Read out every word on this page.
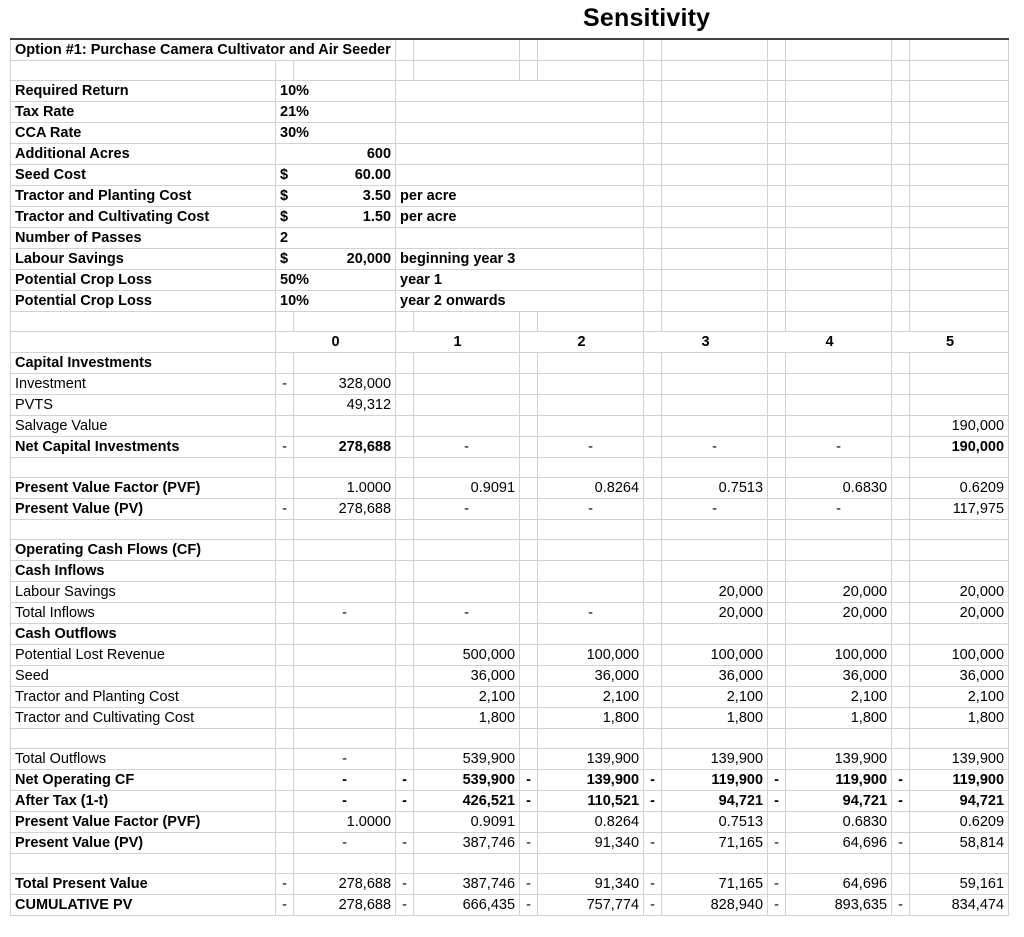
Sensitivity
Option #1: Purchase Camera Cultivator and Air Seeder												

Required Return	10%											
Tax Rate	21%											
CCA Rate	30%											
Additional Acres	600											
Seed Cost	$ 60.00											

Tractor and Planting Cost	$ 3.50		per acre									
Tractor and Cultivating Cost	$ 1.50		per acre									
Number of Passes	2											
Labour Savings	$ 20,000		beginning year 3									
Potential Crop Loss	50%		year 1									
Potential Crop Loss	10%		year 2 onwards									

	0		1		2		3		4		5	
Capital Investments												
Investment	-	328,000										
PVTS		49,312										
Salvage Value												190,000
Net Capital Investments	-	278,688		-		-		-		-		190,000

Present Value Factor (PVF)		1.0000		0.9091		0.8264		0.7513		0.6830		0.6209
Present Value (PV)	-	278,688		-		-		-		-		117,975

Operating Cash Flows (CF)												
Cash Inflows												
Labour Savings								20,000		20,000		20,000
Total Inflows		-		-		-		20,000		20,000		20,000
Cash Outflows												
Potential Lost Revenue				500,000		100,000		100,000		100,000		100,000
Seed				36,000		36,000		36,000		36,000		36,000
Tractor and Planting Cost				2,100		2,100		2,100		2,100		2,100
Tractor and Cultivating Cost				1,800		1,800		1,800		1,800		1,800

Total Outflows		-		539,900		139,900		139,900		139,900		139,900
Net Operating CF		-	-	539,900	-	139,900	-	119,900	-	119,900	-	119,900
After Tax (1-t)		-	-	426,521	-	110,521	-	94,721	-	94,721	-	94,721
Present Value Factor (PVF)		1.0000		0.9091		0.8264		0.7513		0.6830		0.6209
Present Value (PV)		-	-	387,746	-	91,340	-	71,165	-	64,696	-	58,814

Total Present Value	-	278,688	-	387,746	-	91,340	-	71,165	-	64,696		59,161
CUMULATIVE PV	-	278,688	-	666,435	-	757,774	-	828,940	-	893,635	-	834,474
